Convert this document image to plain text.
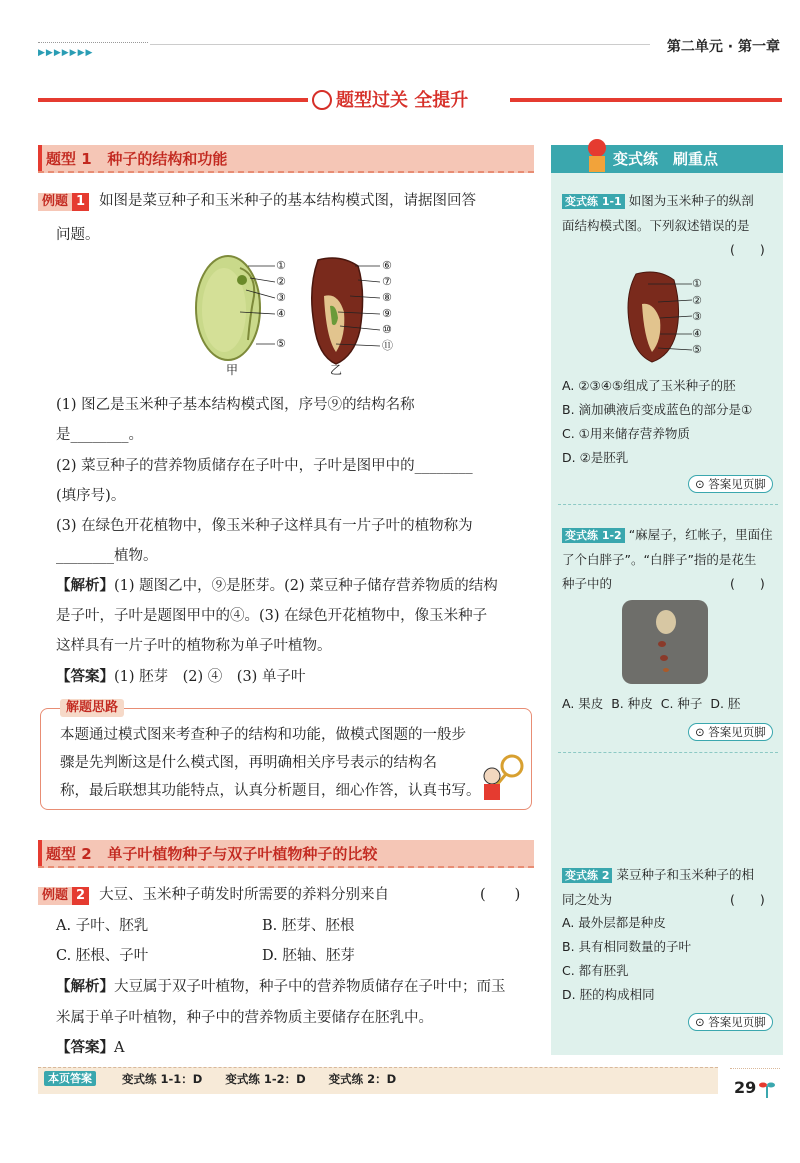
▶▶▶▶▶▶▶	第二单元 · 第一章
题型过关 全提升
题型 1 种子的结构和功能
例题 1 如图是菜豆种子和玉米种子的基本结构模式图，请据图回答
问题。
①
②
③
④
⑤
⑥
⑦
⑧
⑨
⑩
⑪
甲	乙
(1) 图乙是玉米种子基本结构模式图，序号⑨的结构名称
是________。
(2) 菜豆种子的营养物质储存在子叶中，子叶是图甲中的________
(填序号)。
(3) 在绿色开花植物中，像玉米种子这样具有一片子叶的植物称为
________植物。
【解析】(1) 题图乙中，⑨是胚芽。(2) 菜豆种子储存营养物质的结构
是子叶，子叶是题图甲中的④。(3) 在绿色开花植物中，像玉米种子
这样具有一片子叶的植物称为单子叶植物。
【答案】(1) 胚芽　(2) ④　(3) 单子叶
解题思路
本题通过模式图来考查种子的结构和功能，做模式图题的一般步
骤是先判断这是什么模式图，再明确相关序号表示的结构名
称，最后联想其功能特点，认真分析题目，细心作答，认真书写。
题型 2 单子叶植物种子与双子叶植物种子的比较
例题 2 大豆、玉米种子萌发时所需要的养料分别来自	(　　)
A. 子叶、胚乳	B. 胚芽、胚根
C. 胚根、子叶	D. 胚轴、胚芽
【解析】大豆属于双子叶植物，种子中的营养物质储存在子叶中；而玉
米属于单子叶植物，种子中的营养物质主要储存在胚乳中。
【答案】A
变式练　刷重点
变式练 1-1 如图为玉米种子的纵剖
面结构模式图。下列叙述错误的是
(　　)
①
②
③
④
⑤
A. ②③④⑤组成了玉米种子的胚
B. 滴加碘液后变成蓝色的部分是①
C. ①用来储存营养物质
D. ②是胚乳
⊙ 答案见页脚
变式练 1-2 “麻屋子，红帐子，里面住
了个白胖子”。“白胖子”指的是花生
种子中的	(　　)
A. 果皮 B. 种皮 C. 种子 D. 胚
⊙ 答案见页脚
变式练 2 菜豆种子和玉米种子的相
同之处为	(　　)
A. 最外层都是种皮
B. 具有相同数量的子叶
C. 都有胚乳
D. 胚的构成相同
⊙ 答案见页脚
本页答案	变式练 1-1：D　　变式练 1-2：D　　变式练 2：D	29
